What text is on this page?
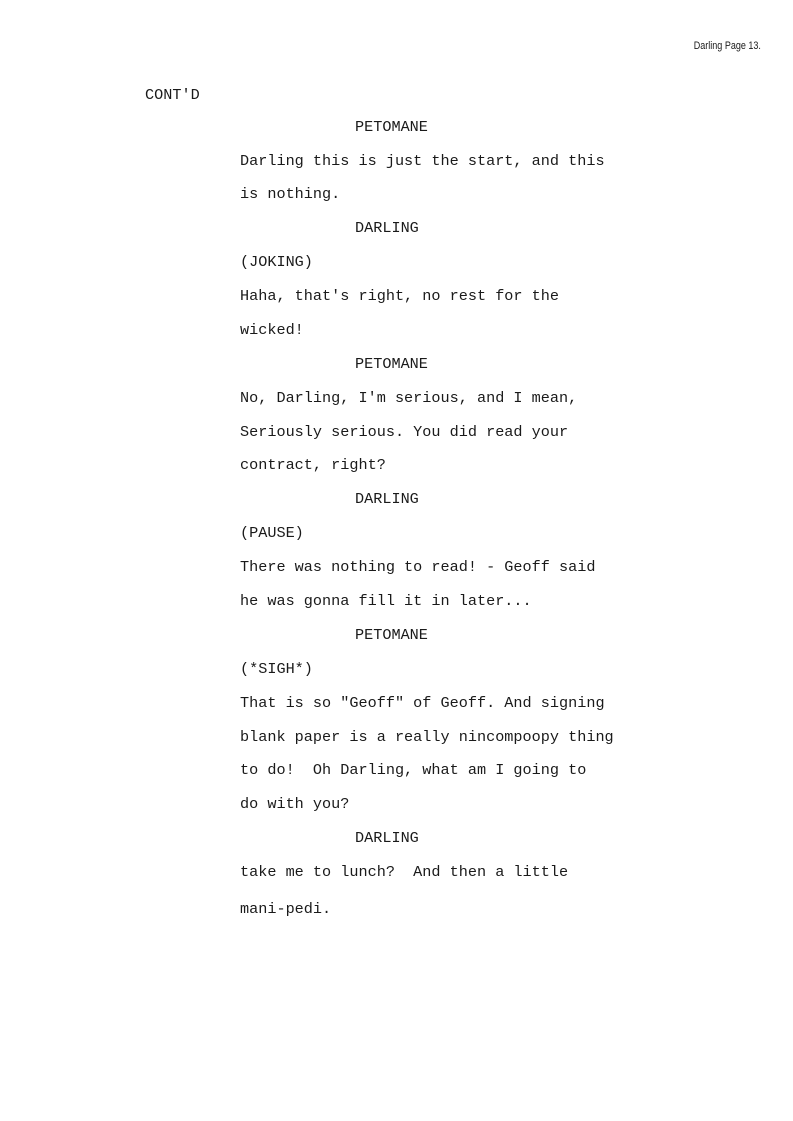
Darling Page 13.
CONT'D
PETOMANE
Darling this is just the start, and this
is nothing.
DARLING
(JOKING)
Haha, that's right, no rest for the
wicked!
PETOMANE
No, Darling, I'm serious, and I mean,
Seriously serious. You did read your
contract, right?
DARLING
(PAUSE)
There was nothing to read! - Geoff said
he was gonna fill it in later...
PETOMANE
(*SIGH*)
That is so "Geoff" of Geoff. And signing
blank paper is a really nincompoopy thing
to do!  Oh Darling, what am I going to
do with you?
DARLING
take me to lunch?  And then a little
mani-pedi.
